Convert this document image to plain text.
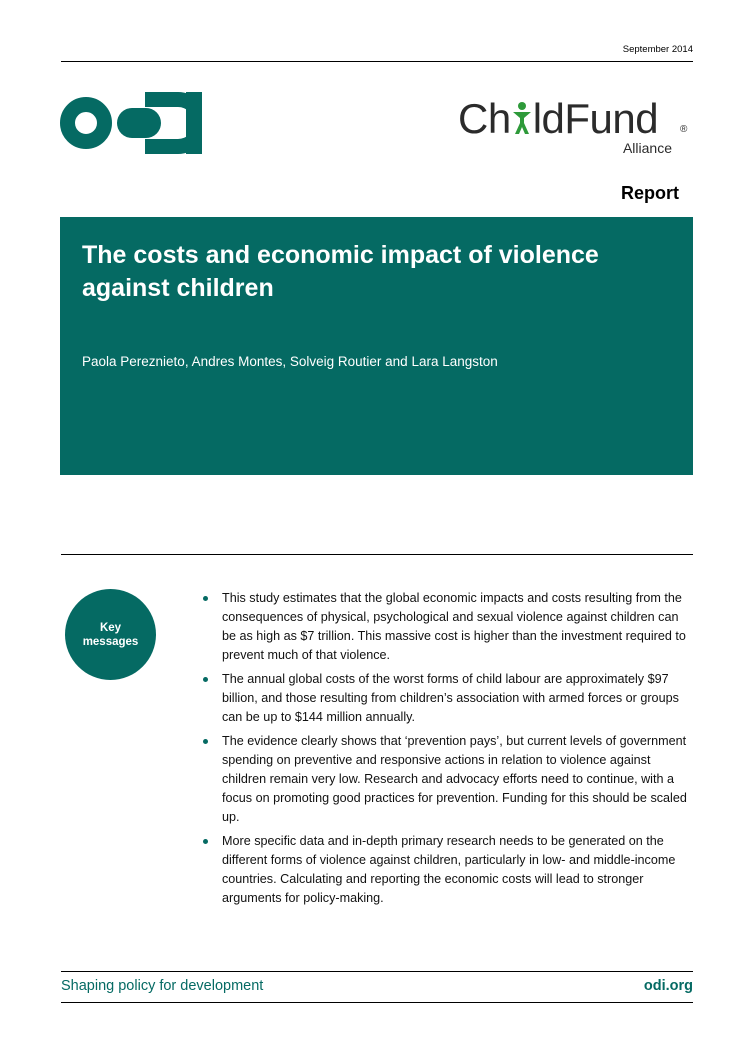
September 2014
Ch ldFund ®
Alliance
Report
The costs and economic impact of violence against children
Paola Pereznieto, Andres Montes, Solveig Routier and Lara Langston
Key messages
This study estimates that the global economic impacts and costs resulting from the consequences of physical, psychological and sexual violence against children can be as high as $7 trillion. This massive cost is higher than the investment required to prevent much of that violence.
The annual global costs of the worst forms of child labour are approximately $97 billion, and those resulting from children’s association with armed forces or groups can be up to $144 million annually.
The evidence clearly shows that ‘prevention pays’, but current levels of government spending on preventive and responsive actions in relation to violence against children remain very low. Research and advocacy efforts need to continue, with a focus on promoting good practices for prevention. Funding for this should be scaled up.
More specific data and in-depth primary research needs to be generated on the different forms of violence against children, particularly in low- and middle-income countries. Calculating and reporting the economic costs will lead to stronger arguments for policy-making.
Shaping policy for development	odi.org
